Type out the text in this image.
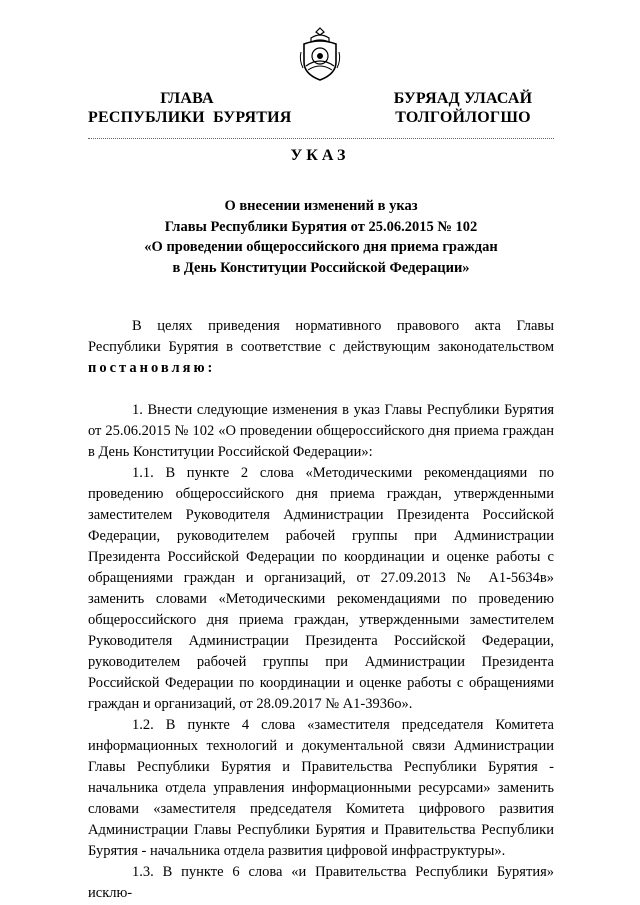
ГЛАВА
РЕСПУБЛИКИ  БУРЯТИЯ
БУРЯАД УЛАСАЙ
ТОЛГОЙЛОГШО
УКАЗ
О внесении изменений в указ
Главы Республики Бурятия от 25.06.2015 № 102
«О проведении общероссийского дня приема граждан
в День Конституции Российской Федерации»

В целях приведения нормативного правового акта Главы Республики Бурятия в соответствие с действующим законодательством постановляю:

1. Внести следующие изменения в указ Главы Республики Бурятия от 25.06.2015 № 102 «О проведении общероссийского дня приема граждан в День Конституции Российской Федерации»:

1.1. В пункте 2 слова «Методическими рекомендациями по проведению общероссийского дня приема граждан, утвержденными заместителем Руководителя Администрации Президента Российской Федерации, руководителем рабочей группы при Администрации Президента Российской Федерации по координации и оценке работы с обращениями граждан и организаций, от 27.09.2013 № А1-5634в» заменить словами «Методическими рекомендациями по проведению общероссийского дня приема граждан, утвержденными заместителем Руководителя Администрации Президента Российской Федерации, руководителем рабочей группы при Администрации Президента Российской Федерации по координации и оценке работы с обращениями граждан и организаций, от 28.09.2017 № А1-3936о».

1.2. В пункте 4 слова «заместителя председателя Комитета информационных технологий и документальной связи Администрации Главы Республики Бурятия и Правительства Республики Бурятия - начальника отдела управления информационными ресурсами» заменить словами «заместителя председателя Комитета цифрового развития Администрации Главы Республики Бурятия и Правительства Республики Бурятия - начальника отдела развития цифровой инфраструктуры».

1.3. В пункте 6 слова «и Правительства Республики Бурятия» исклю-
